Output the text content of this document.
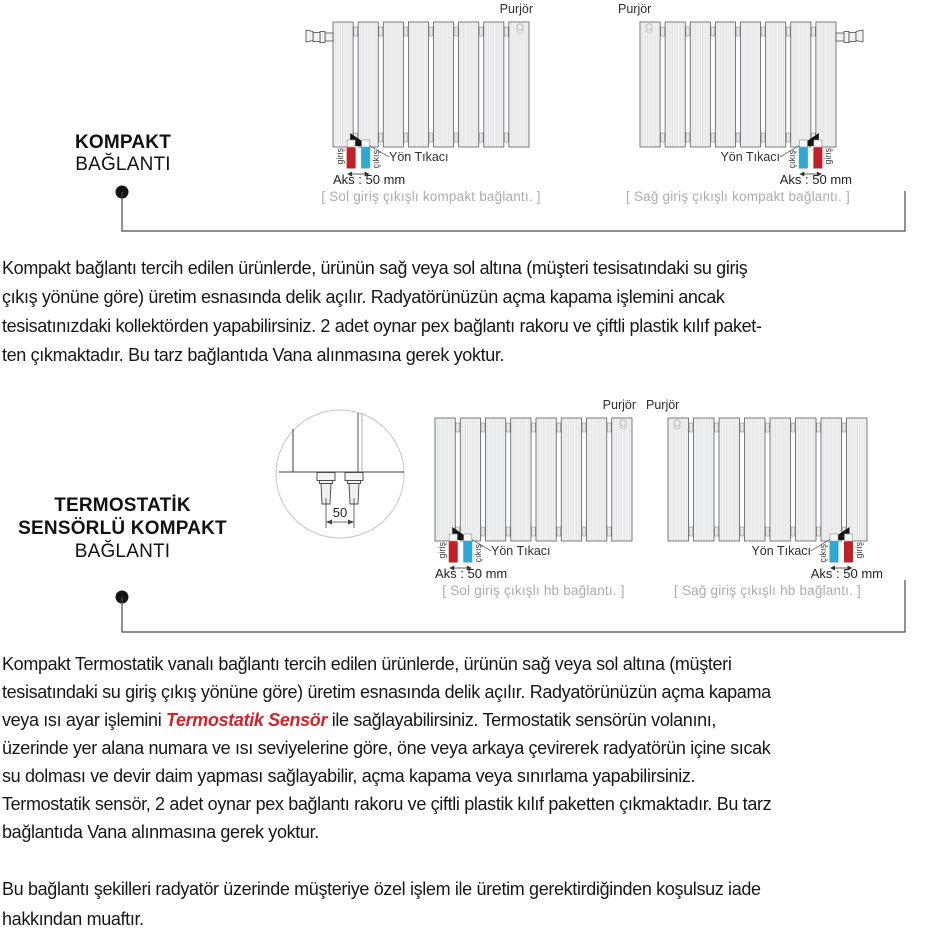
KOMPAKT
BAĞLANTI
Purjör
Yön Tıkacı
giriş	çıkış
Aks : 50 mm
[ Sol giriş çıkışlı kompakt bağlantı. ]
Purjör
Yön Tıkacı	giriş
çıkış
Aks : 50 mm
[ Sağ giriş çıkışlı kompakt bağlantı. ]
Kompakt bağlantı tercih edilen ürünlerde, ürünün sağ veya sol altına (müşteri tesisatındaki su giriş
çıkış yönüne göre) üretim esnasında delik açılır. Radyatörünüzün açma kapama işlemini ancak
tesisatınızdaki kollektörden yapabilirsiniz. 2 adet oynar pex bağlantı rakoru ve çiftli plastik kılıf paket-
ten çıkmaktadır. Bu tarz bağlantıda Vana alınmasına gerek yoktur.
TERMOSTATİK
SENSÖRLÜ KOMPAKT
BAĞLANTI
50
Purjör
Yön Tıkacı
giriş	çıkış
Aks : 50 mm
[ Sol giriş çıkışlı hb bağlantı. ]
Purjör
Yön Tıkacı	giriş
çıkış
Aks : 50 mm
[ Sağ giriş çıkışlı hb bağlantı. ]
Kompakt Termostatik vanalı bağlantı tercih edilen ürünlerde, ürünün sağ veya sol altına (müşteri
tesisatındaki su giriş çıkış yönüne göre) üretim esnasında delik açılır. Radyatörünüzün açma kapama
veya ısı ayar işlemini Termostatik Sensör ile sağlayabilirsiniz. Termostatik sensörün volanını,
üzerinde yer alana numara ve ısı seviyelerine göre, öne veya arkaya çevirerek radyatörün içine sıcak
su dolması ve devir daim yapması sağlayabilir, açma kapama veya sınırlama yapabilirsiniz.
Termostatik sensör, 2 adet oynar pex bağlantı rakoru ve çiftli plastik kılıf paketten çıkmaktadır. Bu tarz
bağlantıda Vana alınmasına gerek yoktur.
Bu bağlantı şekilleri radyatör üzerinde müşteriye özel işlem ile üretim gerektirdiğinden koşulsuz iade
hakkından muaftır.
